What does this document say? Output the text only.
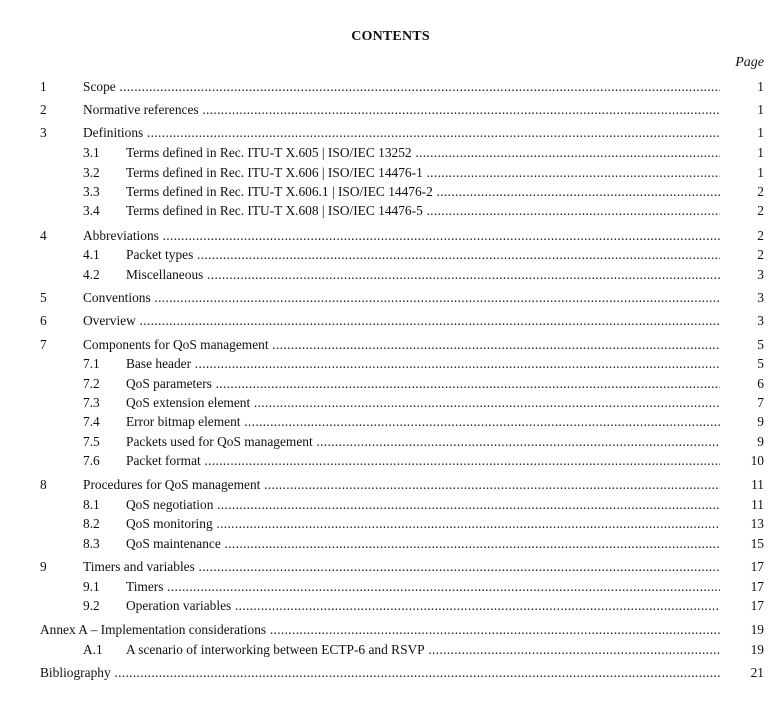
CONTENTS
Page
1	Scope .....	1
2	Normative references .....	1
3	Definitions .....	1
3.1 Terms defined in Rec. ITU-T X.605 | ISO/IEC 13252 .....	1
3.2 Terms defined in Rec. ITU-T X.606 | ISO/IEC 14476-1 .....	1
3.3 Terms defined in Rec. ITU-T X.606.1 | ISO/IEC 14476-2 .....	2
3.4 Terms defined in Rec. ITU-T X.608 | ISO/IEC 14476-5 .....	2
4	Abbreviations .....	2
4.1 Packet types .....	2
4.2 Miscellaneous .....	3
5	Conventions .....	3
6	Overview .....	3
7	Components for QoS management .....	5
7.1 Base header .....	5
7.2 QoS parameters .....	6
7.3 QoS extension element .....	7
7.4 Error bitmap element .....	9
7.5 Packets used for QoS management .....	9
7.6 Packet format .....	10
8	Procedures for QoS management .....	11
8.1 QoS negotiation .....	11
8.2 QoS monitoring .....	13
8.3 QoS maintenance .....	15
9	Timers and variables .....	17
9.1 Timers .....	17
9.2 Operation variables .....	17
Annex A – Implementation considerations .....	19
A.1 A scenario of interworking between ECTP-6 and RSVP .....	19
Bibliography .....	21
